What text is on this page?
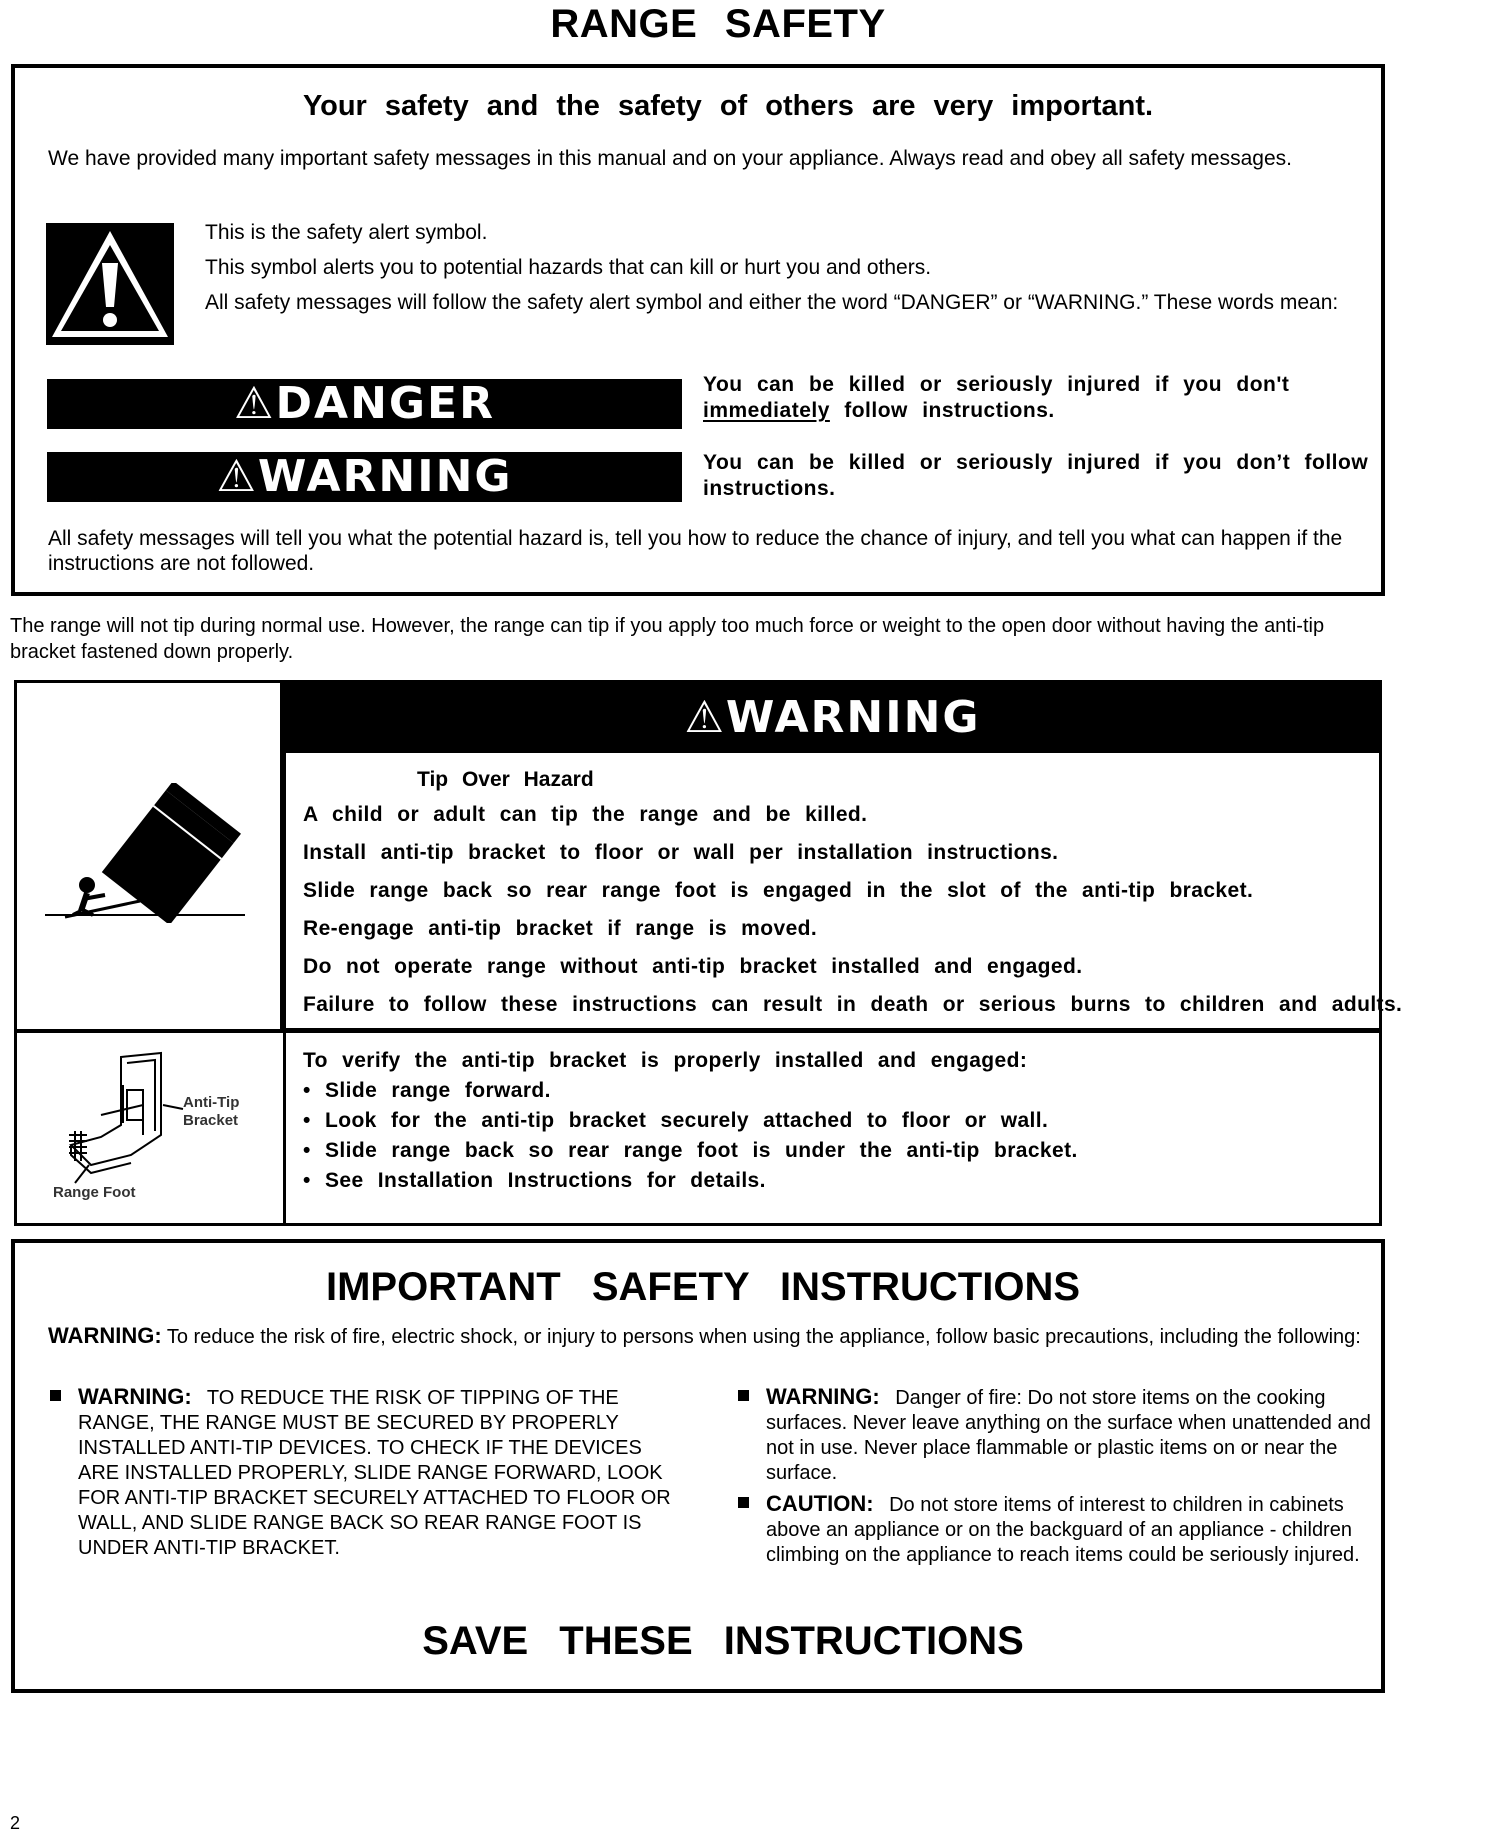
RANGE SAFETY
Your safety and the safety of others are very important.
We have provided many important safety messages in this manual and on your appliance. Always read and obey all safety messages.

This is the safety alert symbol.

This symbol alerts you to potential hazards that can kill or hurt you and others.

All safety messages will follow the safety alert symbol and either the word “DANGER” or “WARNING.” These words mean:

⚠DANGER	You can be killed or seriously injured if you don't immediately follow instructions.
⚠WARNING	You can be killed or seriously injured if you don’t follow instructions.
All safety messages will tell you what the potential hazard is, tell you how to reduce the chance of injury, and tell you what can happen if the instructions are not followed.
The range will not tip during normal use. However, the range can tip if you apply too much force or weight to the open door without having the anti-tip bracket fastened down properly.
⚠WARNING
Tip Over Hazard
A child or adult can tip the range and be killed.
Install anti-tip bracket to floor or wall per installation instructions.
Slide range back so rear range foot is engaged in the slot of the anti-tip bracket.
Re-engage anti-tip bracket if range is moved.
Do not operate range without anti-tip bracket installed and engaged.
Failure to follow these instructions can result in death or serious burns to children and adults.
Anti-Tip
Bracket
Range Foot
To verify the anti-tip bracket is properly installed and engaged:
• Slide range forward.
• Look for the anti-tip bracket securely attached to floor or wall.
• Slide range back so rear range foot is under the anti-tip bracket.
• See Installation Instructions for details.
IMPORTANT SAFETY INSTRUCTIONS
WARNING: To reduce the risk of fire, electric shock, or injury to persons when using the appliance, follow basic precautions, including the following:
WARNING: TO REDUCE THE RISK OF TIPPING OF THE RANGE, THE RANGE MUST BE SECURED BY PROPERLY INSTALLED ANTI-TIP DEVICES. TO CHECK IF THE DEVICES ARE INSTALLED PROPERLY, SLIDE RANGE FORWARD, LOOK FOR ANTI-TIP BRACKET SECURELY ATTACHED TO FLOOR OR WALL, AND SLIDE RANGE BACK SO REAR RANGE FOOT IS UNDER ANTI-TIP BRACKET.
WARNING: Danger of fire: Do not store items on the cooking surfaces. Never leave anything on the surface when unattended and not in use. Never place flammable or plastic items on or near the surface.
CAUTION: Do not store items of interest to children in cabinets above an appliance or on the backguard of an appliance - children climbing on the appliance to reach items could be seriously injured.
SAVE THESE INSTRUCTIONS
2
